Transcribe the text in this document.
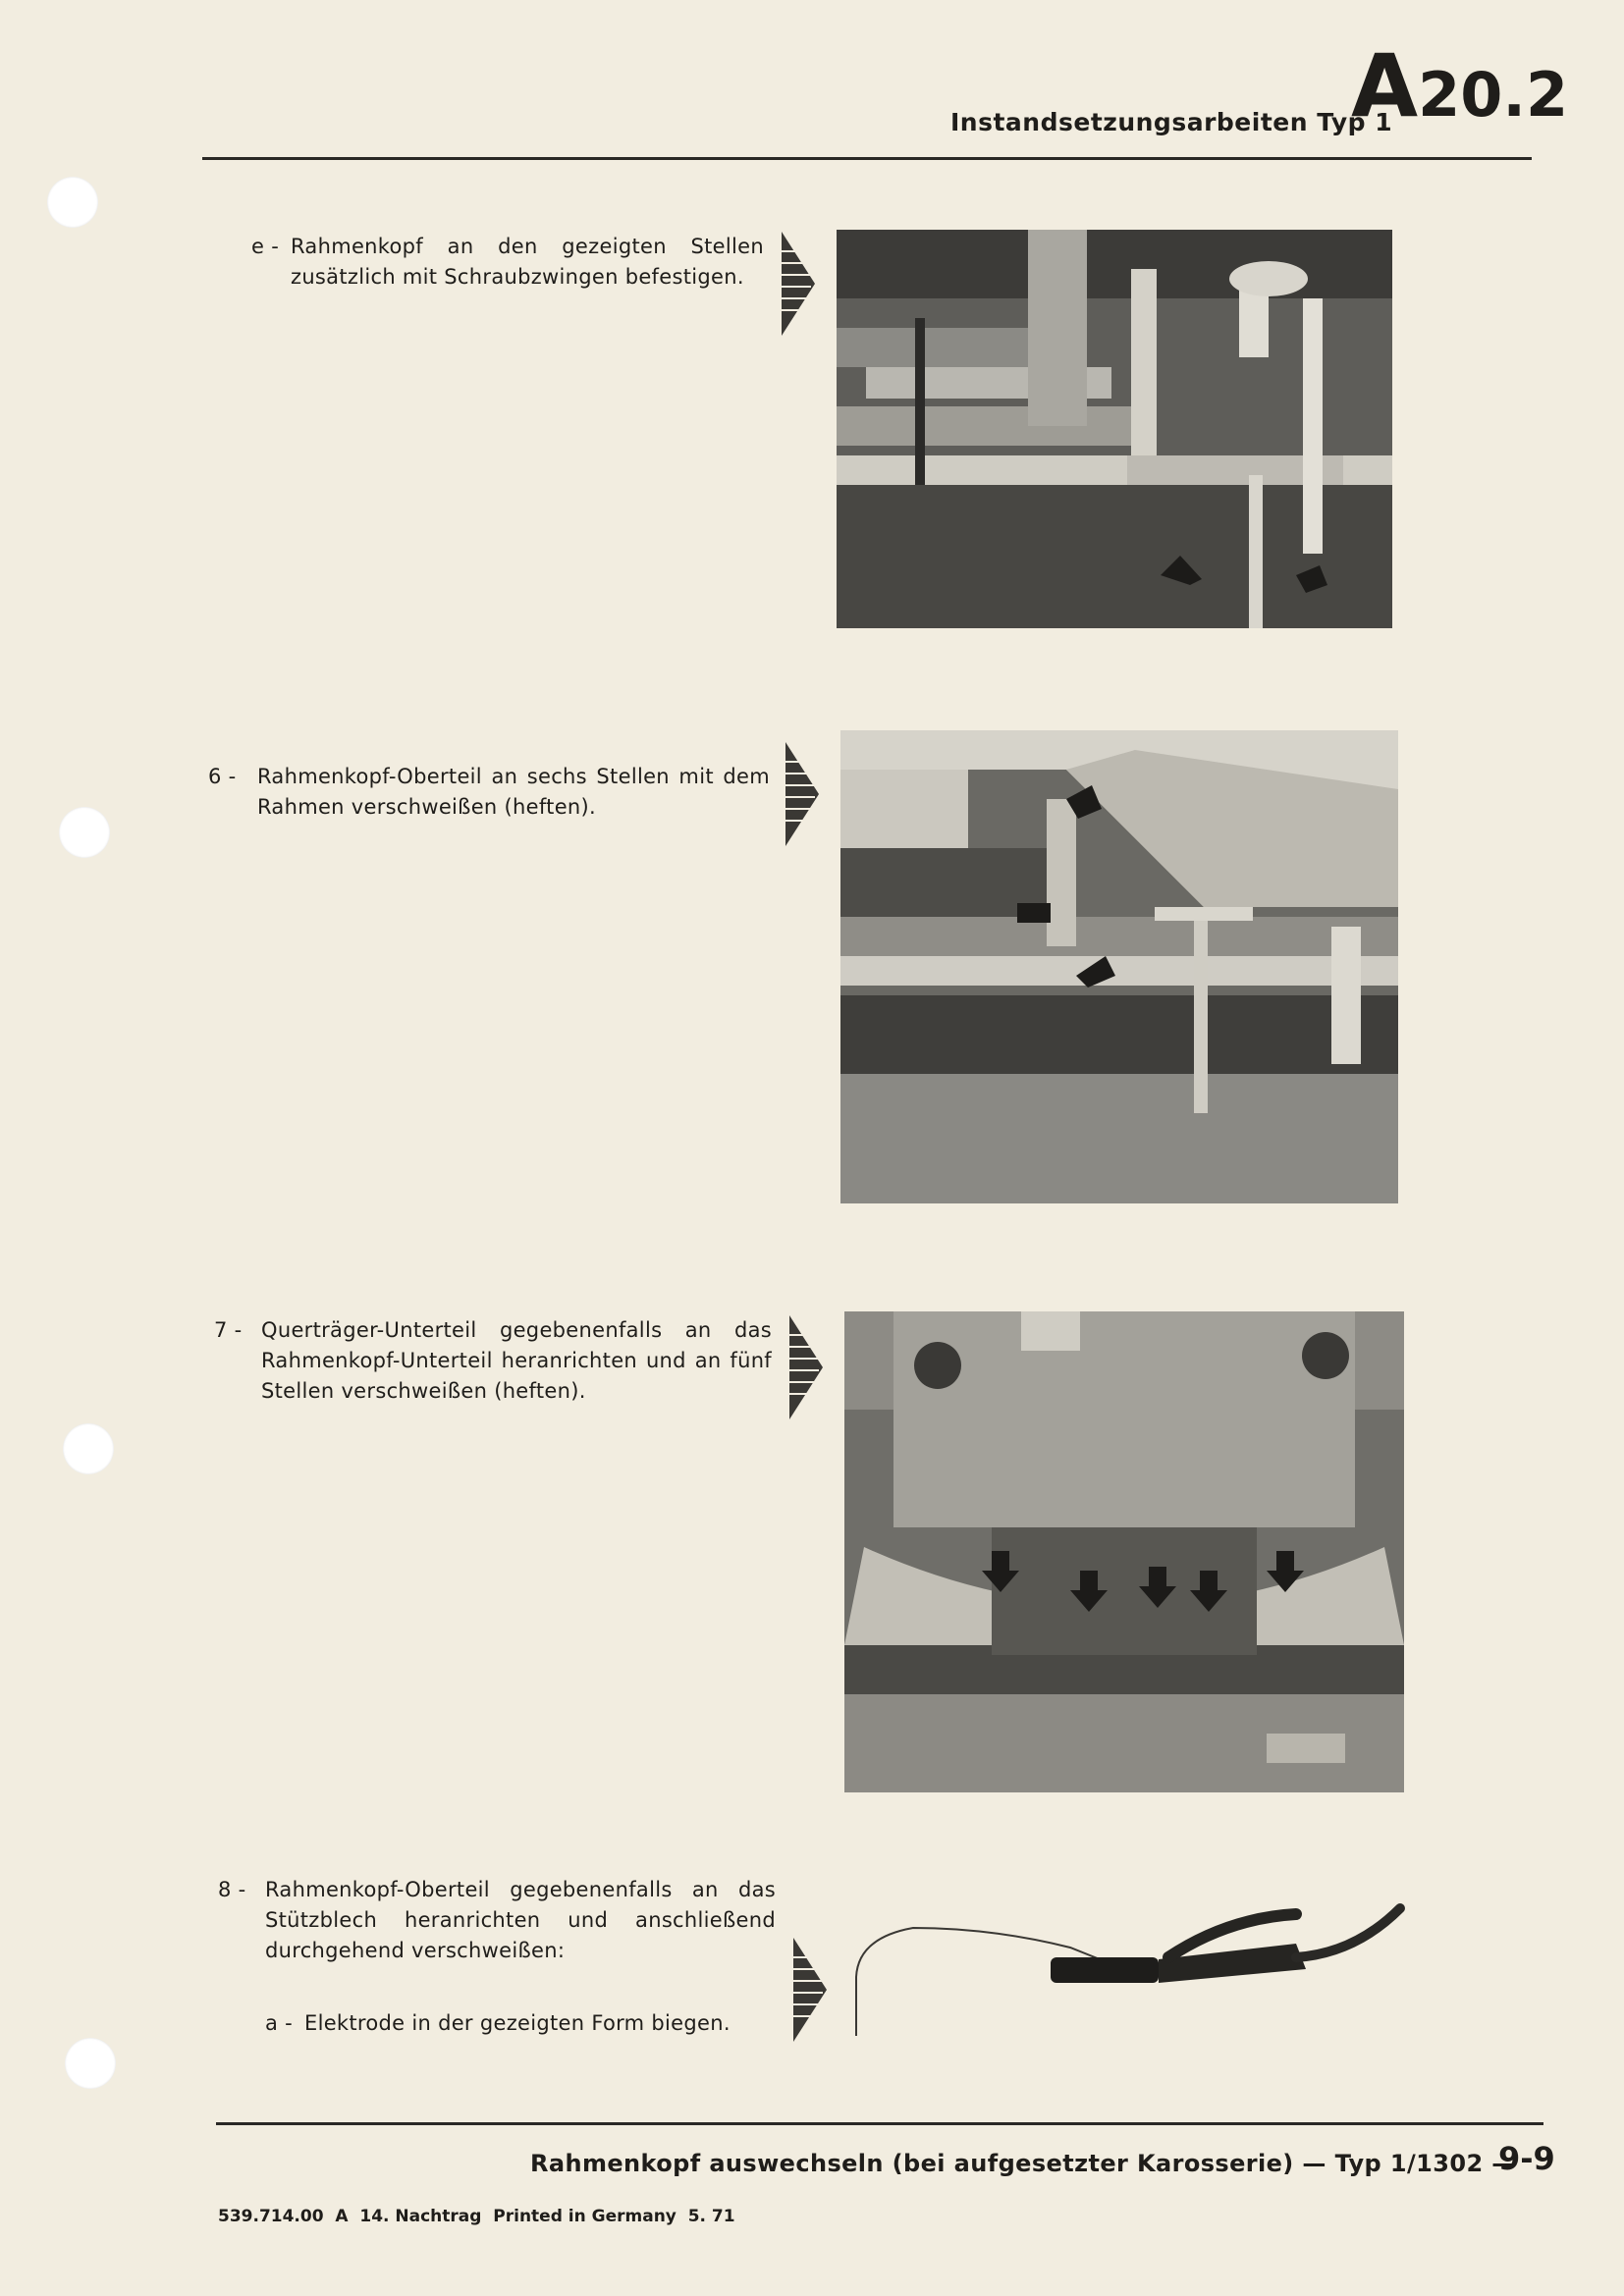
Instandsetzungsarbeiten Typ 1
A20.2
e - Rahmenkopf an den gezeigten Stellen zusätzlich mit Schraubzwingen befestigen.
6 - Rahmenkopf-Oberteil an sechs Stellen mit dem Rahmen verschweißen (heften).
7 - Querträger-Unterteil gegebenenfalls an das Rahmenkopf-Unterteil heranrichten und an fünf Stellen verschweißen (heften).
8 - Rahmenkopf-Oberteil gegebenenfalls an das Stützblech heranrichten und anschließend durchgehend verschweißen:
a - Elektrode in der gezeigten Form biegen.
Rahmenkopf auswechseln (bei aufgesetzter Karosserie) — Typ 1/1302 —
9-9
539.714.00  A  14. Nachtrag  Printed in Germany  5. 71
